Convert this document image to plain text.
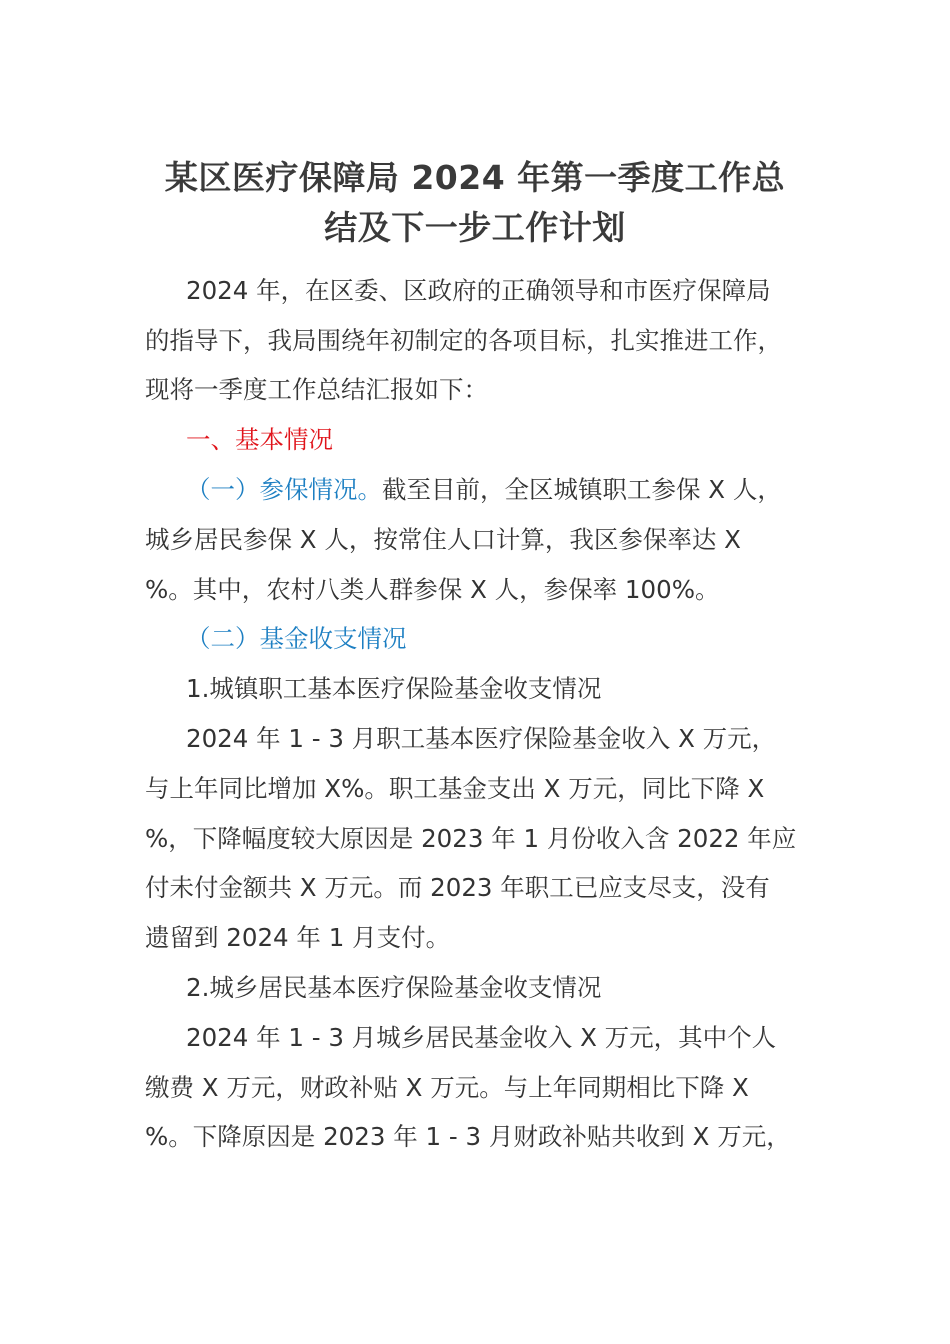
某区医疗保障局 2024 年第一季度工作总
结及下一步工作计划
2024 年，在区委、区政府的正确领导和市医疗保障局
的指导下，我局围绕年初制定的各项目标，扎实推进工作，
现将一季度工作总结汇报如下：
一、基本情况
（一）参保情况。截至目前，全区城镇职工参保 X 人，
城乡居民参保 X 人，按常住人口计算，我区参保率达 X
%。其中，农村八类人群参保 X 人，参保率 100%。
（二）基金收支情况
1.城镇职工基本医疗保险基金收支情况
2024 年 1 - 3 月职工基本医疗保险基金收入 X 万元，
与上年同比增加 X%。职工基金支出 X 万元，同比下降 X
%，下降幅度较大原因是 2023 年 1 月份收入含 2022 年应
付未付金额共 X 万元。而 2023 年职工已应支尽支，没有
遗留到 2024 年 1 月支付。
2.城乡居民基本医疗保险基金收支情况
2024 年 1 - 3 月城乡居民基金收入 X 万元，其中个人
缴费 X 万元，财政补贴 X 万元。与上年同期相比下降 X
%。下降原因是 2023 年 1 - 3 月财政补贴共收到 X 万元，
